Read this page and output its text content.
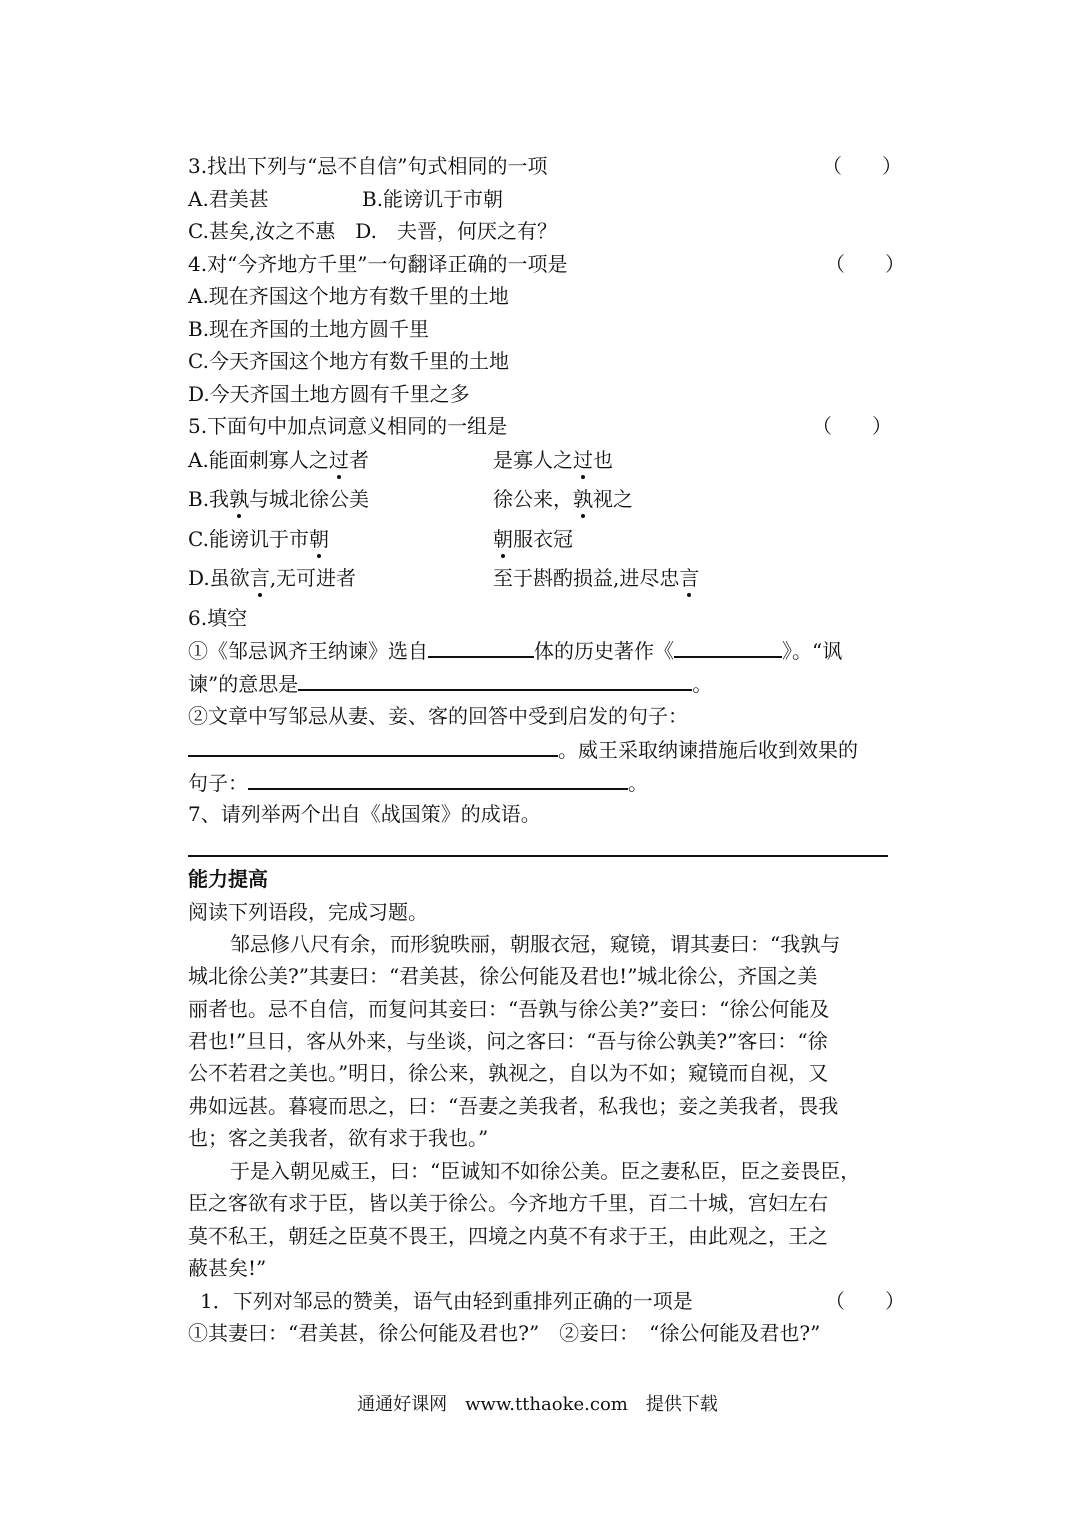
3.找出下列与“忌不自信”句式相同的一项	（　　）
A.君美甚	B.能谤讥于市朝
C.甚矣,汝之不惠　D.　夫晋，何厌之有？
4.对“今齐地方千里”一句翻译正确的一项是	（　　）
A.现在齐国这个地方有数千里的土地
B.现在齐国的土地方圆千里
C.今天齐国这个地方有数千里的土地
D.今天齐国土地方圆有千里之多
5.下面句中加点词意义相同的一组是	（　　）
A.能面刺寡人之过者	是寡人之过也
B.我孰与城北徐公美	徐公来，孰视之
C.能谤讥于市朝	朝服衣冠
D.虽欲言,无可进者	至于斟酌损益,进尽忠言
6.填空
①《邹忌讽齐王纳谏》选自	体的历史著作《	》。“讽
谏”的意思是	。
②文章中写邹忌从妻、妾、客的回答中受到启发的句子：
。威王采取纳谏措施后收到效果的
句子：	。
7、请列举两个出自《战国策》的成语。
能力提高
阅读下列语段，完成习题。
邹忌修八尺有余，而形貌昳丽，朝服衣冠，窥镜，谓其妻曰：“我孰与
城北徐公美?”其妻曰：“君美甚，徐公何能及君也!”城北徐公，齐国之美
丽者也。忌不自信，而复问其妾曰：“吾孰与徐公美?”妾曰：“徐公何能及
君也!”旦日，客从外来，与坐谈，问之客曰：“吾与徐公孰美?”客曰：“徐
公不若君之美也。”明日，徐公来，孰视之，自以为不如；窥镜而自视，又
弗如远甚。暮寝而思之，曰：“吾妻之美我者，私我也；妾之美我者，畏我
也；客之美我者，欲有求于我也。”
于是入朝见威王，曰：“臣诚知不如徐公美。臣之妻私臣，臣之妾畏臣，
臣之客欲有求于臣，皆以美于徐公。今齐地方千里，百二十城，宫妇左右
莫不私王，朝廷之臣莫不畏王，四境之内莫不有求于王，由此观之，王之
蔽甚矣!”
1．下列对邹忌的赞美，语气由轻到重排列正确的一项是	（　　）
①其妻曰：“君美甚，徐公何能及君也?”　②妾曰：　“徐公何能及君也?”
通通好课网　www.tthaoke.com　提供下载
